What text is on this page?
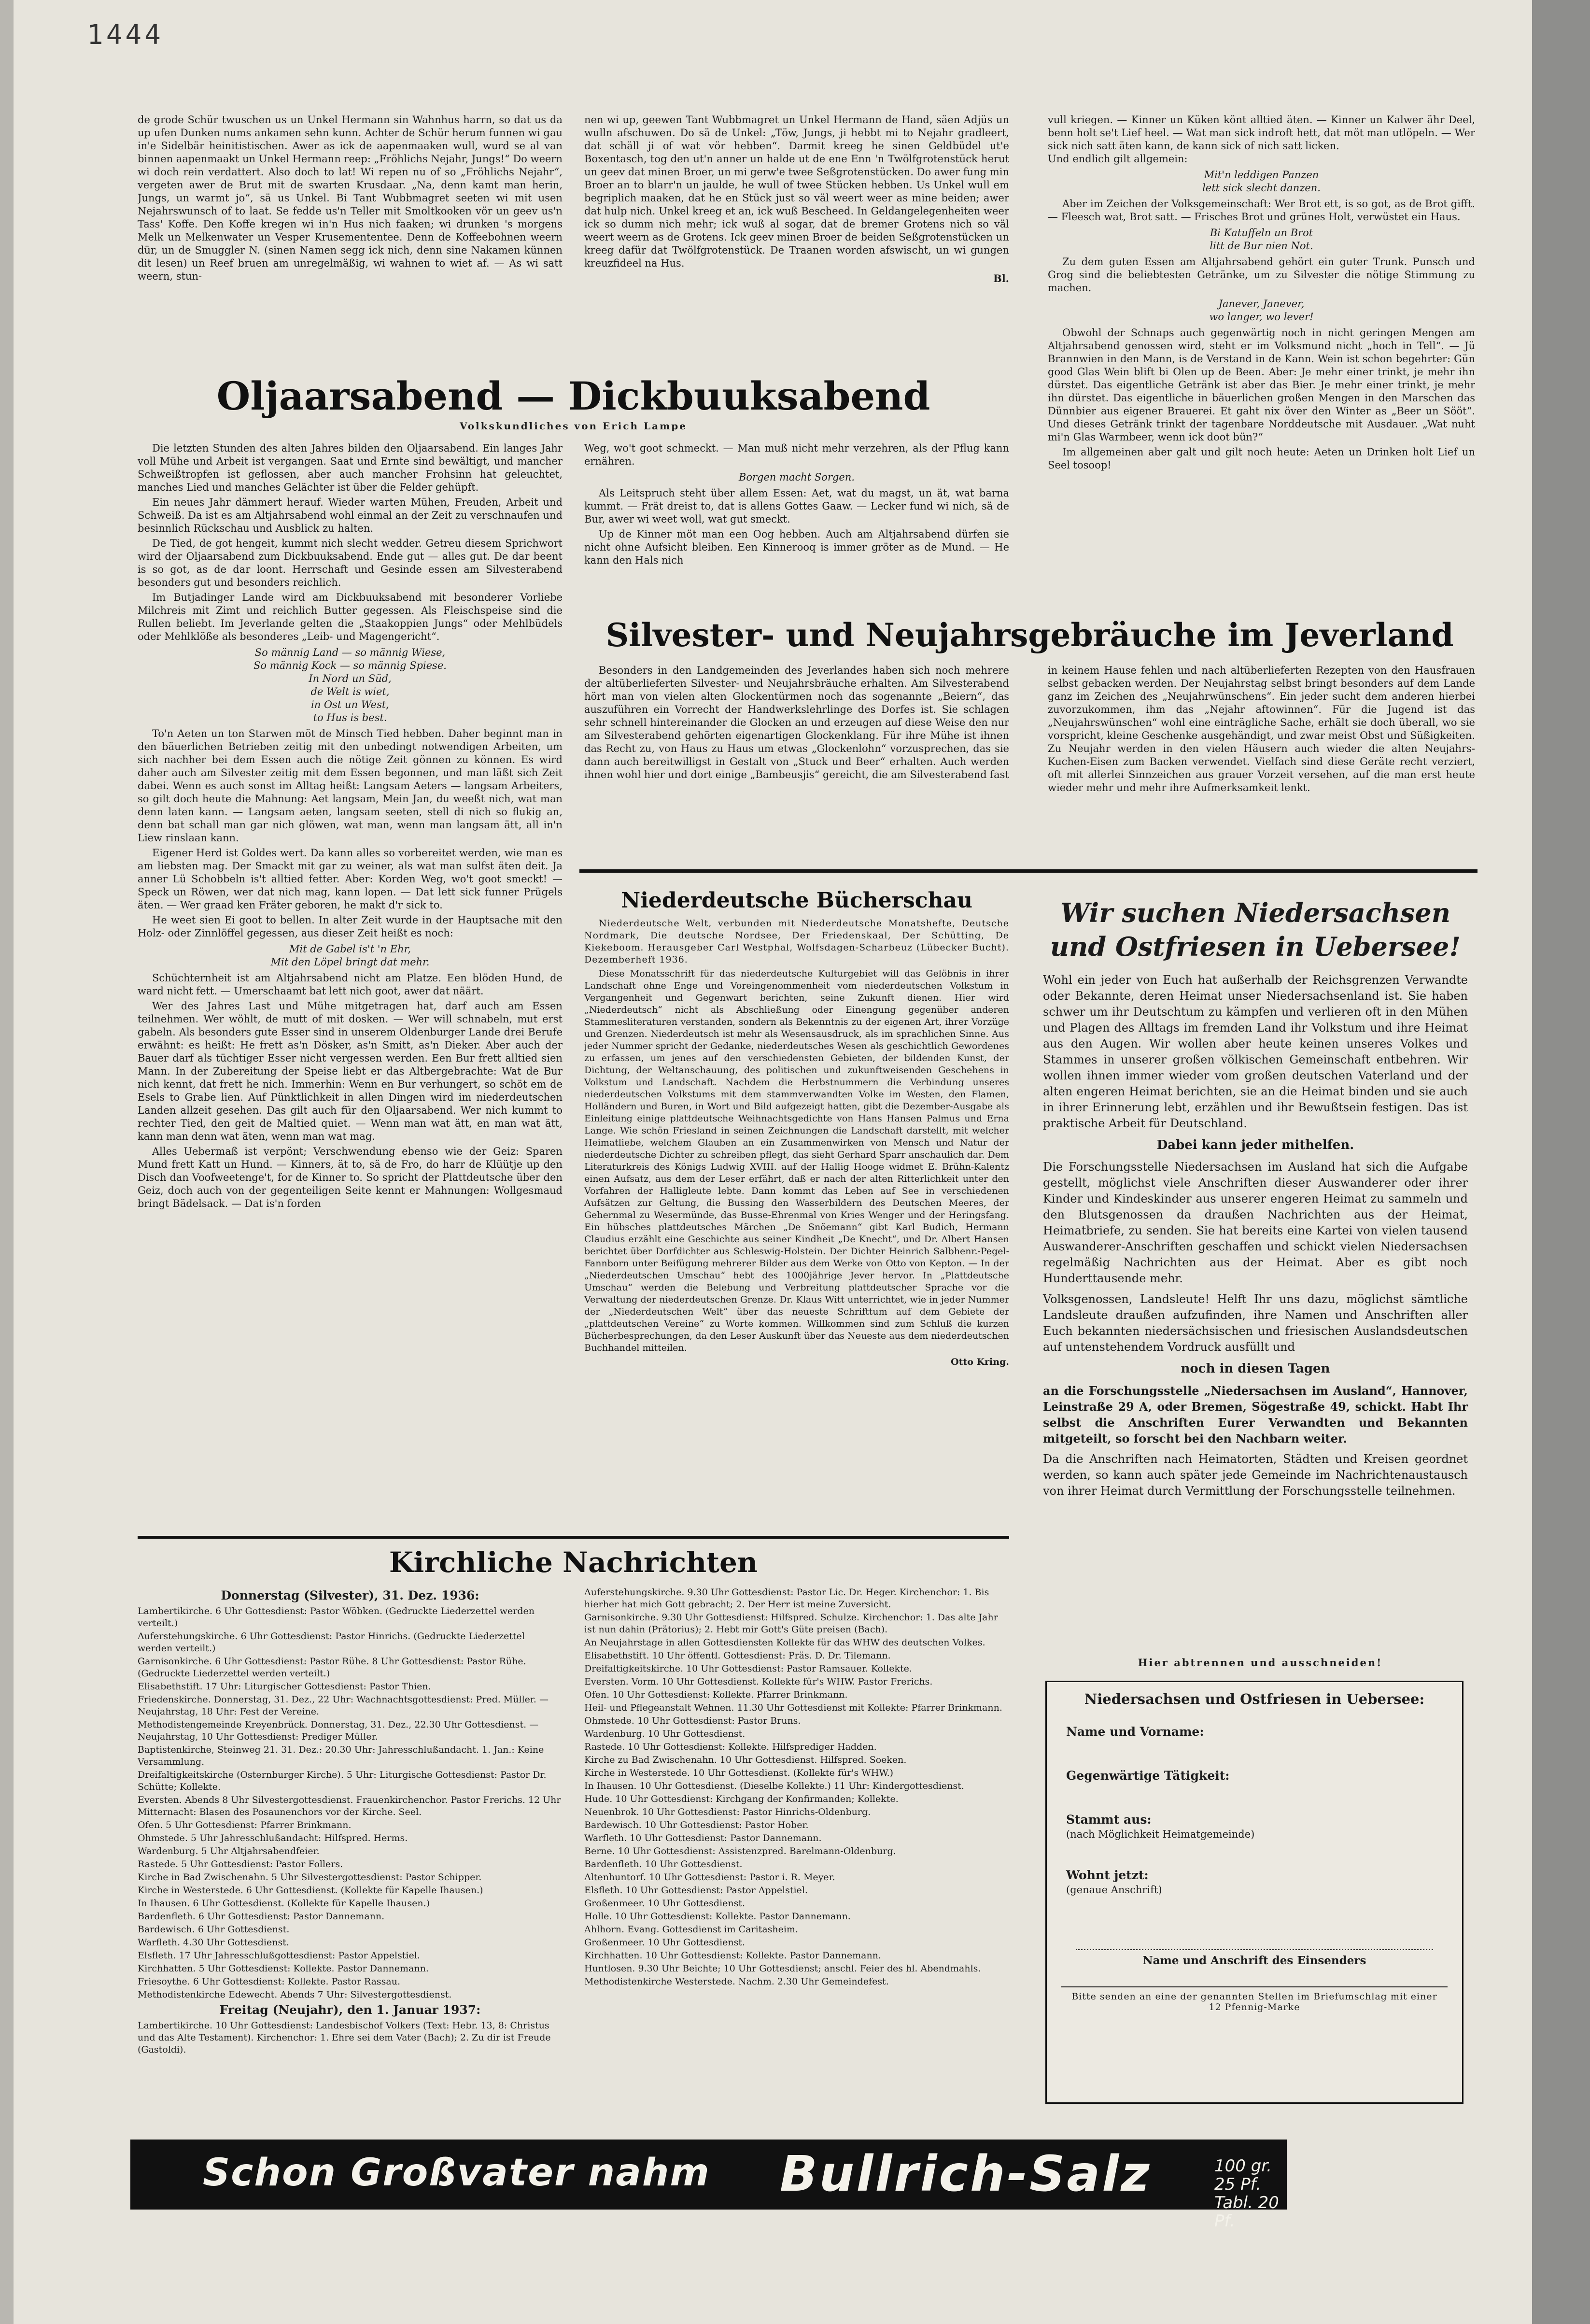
1444

de grode Schür twuschen us un Unkel Hermann sin Wahnhus harrn, so dat us da up ufen Dunken nums ankamen sehn kunn. Achter de Schür herum funnen wi gau in'e Sidelbär heinitistischen. Awer as ick de aapenmaaken wull, wurd se al van binnen aapenmaakt un Unkel Hermann reep: „Fröhlichs Nejahr, Jungs!“ Do weern wi doch rein verdattert. Also doch to lat! Wi repen nu of so „Fröhlichs Nejahr“, vergeten awer de Brut mit de swarten Krusdaar. „Na, denn kamt man herin, Jungs, un warmt jo“, sä us Unkel. Bi Tant Wubbmagret seeten wi mit usen Nejahrswunsch of to laat. Se fedde us'n Teller mit Smoltkooken vör un geev us'n Tass' Koffe. Den Koffe kregen wi in'n Hus nich faaken; wi drunken 's morgens Melk un Melkenwater un Vesper Krusemententee. Denn de Koffeebohnen weern dür, un de Smuggler N. (sinen Namen segg ick nich, denn sine Nakamen künnen dit lesen) un Reef bruen am unregelmäßig, wi wahnen to wiet af. — As wi satt weern, stun-

nen wi up, geewen Tant Wubbmagret un Unkel Hermann de Hand, säen Adjüs un wulln afschuwen. Do sä de Unkel: „Töw, Jungs, ji hebbt mi to Nejahr gradleert, dat schäll ji of wat vör hebben“. Darmit kreeg he sinen Geldbüdel ut'e Boxentasch, tog den ut'n anner un halde ut de ene Enn 'n Twölfgrotenstück herut un geev dat minen Broer, un mi gerw'e twee Seßgrotenstücken. Do awer fung min Broer an to blarr'n un jaulde, he wull of twee Stücken hebben. Us Unkel wull em begriplich maaken, dat he en Stück just so väl weert weer as mine beiden; awer dat hulp nich. Unkel kreeg et an, ick wuß Bescheed. In Geldangelegenheiten weer ick so dumm nich mehr; ick wuß al sogar, dat de bremer Grotens nich so väl weert weern as de Grotens. Ick geev minen Broer de beiden Seßgrotenstücken un kreeg dafür dat Twölfgrotenstück. De Traanen worden afswischt, un wi gungen kreuzfideel na Hus.

Bl.

vull kriegen. — Kinner un Küken könt alltied äten. — Kinner un Kalwer ähr Deel, benn holt se't Lief heel. — Wat man sick indroft hett, dat möt man utlöpeln. — Wer sick nich satt äten kann, de kann sick of nich satt licken.
Und endlich gilt allgemein:

Mit'n leddigen Panzen
lett sick slecht danzen.

Aber im Zeichen der Volksgemeinschaft: Wer Brot ett, is so got, as de Brot gifft. — Fleesch wat, Brot satt. — Frisches Brot und grünes Holt, verwüstet ein Haus.

Bi Katuffeln un Brot
litt de Bur nien Not.

Zu dem guten Essen am Altjahrsabend gehört ein guter Trunk. Punsch und Grog sind die beliebtesten Getränke, um zu Silvester die nötige Stimmung zu machen.

Janever, Janever,
wo langer, wo lever!

Obwohl der Schnaps auch gegenwärtig noch in nicht geringen Mengen am Altjahrsabend genossen wird, steht er im Volksmund nicht „hoch in Tell“. — Jü Brannwien in den Mann, is de Verstand in de Kann. Wein ist schon begehrter: Gün good Glas Wein blift bi Olen up de Been. Aber: Je mehr einer trinkt, je mehr ihn dürstet. Das eigentliche Getränk ist aber das Bier. Je mehr einer trinkt, je mehr ihn dürstet. Das eigentliche in bäuerlichen großen Mengen in den Marschen das Dünnbier aus eigener Brauerei. Et gaht nix över den Winter as „Beer un Sööt“. Und dieses Getränk trinkt der tagenbare Norddeutsche mit Ausdauer. „Wat nuht mi'n Glas Warmbeer, wenn ick doot bün?“

Im allgemeinen aber galt und gilt noch heute: Aeten un Drinken holt Lief un Seel tosoop!

Oljaarsabend — Dickbuuksabend
Volkskundliches von Erich Lampe

Die letzten Stunden des alten Jahres bilden den Oljaarsabend. Ein langes Jahr voll Mühe und Arbeit ist vergangen. Saat und Ernte sind bewältigt, und mancher Schweißtropfen ist geflossen, aber auch mancher Frohsinn hat geleuchtet, manches Lied und manches Gelächter ist über die Felder gehüpft.

Ein neues Jahr dämmert herauf. Wieder warten Mühen, Freuden, Arbeit und Schweiß. Da ist es am Altjahrsabend wohl einmal an der Zeit zu verschnaufen und besinnlich Rückschau und Ausblick zu halten.

De Tied, de got hengeit, kummt nich slecht wedder. Getreu diesem Sprichwort wird der Oljaarsabend zum Dickbuuksabend. Ende gut — alles gut. De dar beent is so got, as de dar loont. Herrschaft und Gesinde essen am Silvesterabend besonders gut und besonders reichlich.

Im Butjadinger Lande wird am Dickbuuksabend mit besonderer Vorliebe Milchreis mit Zimt und reichlich Butter gegessen. Als Fleischspeise sind die Rullen beliebt. Im Jeverlande gelten die „Staakoppien Jungs“ oder Mehlbüdels oder Mehlklöße als besonderes „Leib- und Magengericht“.

So männig Land — so männig Wiese,
So männig Kock — so männig Spiese.
In Nord un Süd,
de Welt is wiet,
in Ost un West,
to Hus is best.

To'n Aeten un ton Starwen möt de Minsch Tied hebben. Daher beginnt man in den bäuerlichen Betrieben zeitig mit den unbedingt notwendigen Arbeiten, um sich nachher bei dem Essen auch die nötige Zeit gönnen zu können. Es wird daher auch am Silvester zeitig mit dem Essen begonnen, und man läßt sich Zeit dabei. Wenn es auch sonst im Alltag heißt: Langsam Aeters — langsam Arbeiters, so gilt doch heute die Mahnung: Aet langsam, Mein Jan, du weeßt nich, wat man denn laten kann. — Langsam aeten, langsam seeten, stell di nich so flukig an, denn bat schall man gar nich glöwen, wat man, wenn man langsam ätt, all in'n Liew rinslaan kann.

Eigener Herd ist Goldes wert. Da kann alles so vorbereitet werden, wie man es am liebsten mag. Der Smackt mit gar zu weiner, als wat man sulfst äten deit. Ja anner Lü Schobbeln is't alltied fetter. Aber: Korden Weg, wo't goot smeckt! — Speck un Röwen, wer dat nich mag, kann lopen. — Dat lett sick funner Prügels äten. — Wer graad ken Fräter geboren, he makt d'r sick to.

He weet sien Ei goot to bellen. In alter Zeit wurde in der Hauptsache mit den Holz- oder Zinnlöffel gegessen, aus dieser Zeit heißt es noch:

Mit de Gabel is't 'n Ehr,
Mit den Löpel bringt dat mehr.

Schüchternheit ist am Altjahrsabend nicht am Platze. Een blöden Hund, de ward nicht fett. — Umerschaamt bat lett nich goot, awer dat näärt.

Wer des Jahres Last und Mühe mitgetragen hat, darf auch am Essen teilnehmen. Wer wöhlt, de mutt of mit dosken. — Wer will schnabeln, mut erst gabeln. Als besonders gute Esser sind in unserem Oldenburger Lande drei Berufe erwähnt: es heißt: He frett as'n Dösker, as'n Smitt, as'n Dieker. Aber auch der Bauer darf als tüchtiger Esser nicht vergessen werden. Een Bur frett alltied sien Mann. In der Zubereitung der Speise liebt er das Altbergebrachte: Wat de Bur nich kennt, dat frett he nich. Immerhin: Wenn en Bur verhungert, so schöt em de Esels to Grabe lien. Auf Pünktlichkeit in allen Dingen wird im niederdeutschen Landen allzeit gesehen. Das gilt auch für den Oljaarsabend. Wer nich kummt to rechter Tied, den geit de Maltied quiet. — Wenn man wat ätt, en man wat ätt, kann man denn wat äten, wenn man wat mag.

Alles Uebermaß ist verpönt; Verschwendung ebenso wie der Geiz: Sparen Mund frett Katt un Hund. — Kinners, ät to, sä de Fro, do harr de Klüütje up den Disch dan Voofweetenge't, for de Kinner to. So spricht der Plattdeutsche über den Geiz, doch auch von der gegenteiligen Seite kennt er Mahnungen: Wollgesmaud bringt Bädelsack. — Dat is'n forden

Weg, wo't goot schmeckt. — Man muß nicht mehr verzehren, als der Pflug kann ernähren.

Borgen macht Sorgen.

Als Leitspruch steht über allem Essen: Aet, wat du magst, un ät, wat barna kummt. — Frät dreist to, dat is allens Gottes Gaaw. — Lecker fund wi nich, sä de Bur, awer wi weet woll, wat gut smeckt.

Up de Kinner möt man een Oog hebben. Auch am Altjahrsabend dürfen sie nicht ohne Aufsicht bleiben. Een Kinnerooq is immer gröter as de Mund. — He kann den Hals nich

Silvester- und Neujahrsgebräuche im Jeverland

Besonders in den Landgemeinden des Jeverlandes haben sich noch mehrere der altüberlieferten Silvester- und Neujahrsbräuche erhalten. Am Silvesterabend hört man von vielen alten Glockentürmen noch das sogenannte „Beiern“, das auszuführen ein Vorrecht der Handwerkslehrlinge des Dorfes ist. Sie schlagen sehr schnell hintereinander die Glocken an und erzeugen auf diese Weise den nur am Silvesterabend gehörten eigenartigen Glockenklang. Für ihre Mühe ist ihnen das Recht zu, von Haus zu Haus um etwas „Glockenlohn“ vorzusprechen, das sie dann auch bereitwilligst in Gestalt von „Stuck und Beer“ erhalten. Auch werden ihnen wohl hier und dort einige „Bambeusjis“ gereicht, die am Silvesterabend fast

in keinem Hause fehlen und nach altüberlieferten Rezepten von den Hausfrauen selbst gebacken werden. Der Neujahrstag selbst bringt besonders auf dem Lande ganz im Zeichen des „Neujahrwünschens“. Ein jeder sucht dem anderen hierbei zuvorzukommen, ihm das „Nejahr aftowinnen“. Für die Jugend ist das „Neujahrswünschen“ wohl eine einträgliche Sache, erhält sie doch überall, wo sie vorspricht, kleine Geschenke ausgehändigt, und zwar meist Obst und Süßigkeiten. Zu Neujahr werden in den vielen Häusern auch wieder die alten Neujahrs-Kuchen-Eisen zum Backen verwendet. Vielfach sind diese Geräte recht verziert, oft mit allerlei Sinnzeichen aus grauer Vorzeit versehen, auf die man erst heute wieder mehr und mehr ihre Aufmerksamkeit lenkt.

Niederdeutsche Bücherschau

Niederdeutsche Welt, verbunden mit Niederdeutsche Monatshefte, Deutsche Nordmark, Die deutsche Nordsee, Der Friedenskaal, Der Schütting, De Kiekeboom. Herausgeber Carl Westphal, Wolfsdagen-Scharbeuz (Lübecker Bucht). Dezemberheft 1936.

Diese Monatsschrift für das niederdeutsche Kulturgebiet will das Gelöbnis in ihrer Landschaft ohne Enge und Voreingenommenheit vom niederdeutschen Volkstum in Vergangenheit und Gegenwart berichten, seine Zukunft dienen. Hier wird „Niederdeutsch“ nicht als Abschließung oder Einengung gegenüber anderen Stammesliteraturen verstanden, sondern als Bekenntnis zu der eigenen Art, ihrer Vorzüge und Grenzen. Niederdeutsch ist mehr als Wesensausdruck, als im sprachlichen Sinne. Aus jeder Nummer spricht der Gedanke, niederdeutsches Wesen als geschichtlich Gewordenes zu erfassen, um jenes auf den verschiedensten Gebieten, der bildenden Kunst, der Dichtung, der Weltanschauung, des politischen und zukunftweisenden Geschehens in Volkstum und Landschaft. Nachdem die Herbstnummern die Verbindung unseres niederdeutschen Volkstums mit dem stammverwandten Volke im Westen, den Flamen, Holländern und Buren, in Wort und Bild aufgezeigt hatten, gibt die Dezember-Ausgabe als Einleitung einige plattdeutsche Weihnachtsgedichte von Hans Hansen Palmus und Erna Lange. Wie schön Friesland in seinen Zeichnungen die Landschaft darstellt, mit welcher Heimatliebe, welchem Glauben an ein Zusammenwirken von Mensch und Natur der niederdeutsche Dichter zu schreiben pflegt, das sieht Gerhard Sparr anschaulich dar. Dem Literaturkreis des Königs Ludwig XVIII. auf der Hallig Hooge widmet E. Brühn-Kalentz einen Aufsatz, aus dem der Leser erfährt, daß er nach der alten Ritterlichkeit unter den Vorfahren der Halligleute lebte. Dann kommt das Leben auf See in verschiedenen Aufsätzen zur Geltung, die Bussing den Wasserbildern des Deutschen Meeres, der Gehernmal zu Wesermünde, das Busse-Ehrenmal von Kries Wenger und der Heringsfang. Ein hübsches plattdeutsches Märchen „De Snöemann“ gibt Karl Budich, Hermann Claudius erzählt eine Geschichte aus seiner Kindheit „De Knecht“, und Dr. Albert Hansen berichtet über Dorfdichter aus Schleswig-Holstein. Der Dichter Heinrich Salbhenr.-Pegel-Fannborn unter Beifügung mehrerer Bilder aus dem Werke von Otto von Kepton. — In der „Niederdeutschen Umschau“ hebt des 1000jährige Jever hervor. In „Plattdeutsche Umschau“ werden die Belebung und Verbreitung plattdeutscher Sprache vor die Verwaltung der niederdeutschen Grenze. Dr. Klaus Witt unterrichtet, wie in jeder Nummer der „Niederdeutschen Welt“ über das neueste Schrifttum auf dem Gebiete der „plattdeutschen Vereine“ zu Worte kommen. Willkommen sind zum Schluß die kurzen Bücherbesprechungen, da den Leser Auskunft über das Neueste aus dem niederdeutschen Buchhandel mitteilen.

Otto Kring.
Wir suchen Niedersachsen
und Ostfriesen in Uebersee!

Wohl ein jeder von Euch hat außerhalb der Reichsgrenzen Verwandte oder Bekannte, deren Heimat unser Niedersachsenland ist. Sie haben schwer um ihr Deutschtum zu kämpfen und verlieren oft in den Mühen und Plagen des Alltags im fremden Land ihr Volkstum und ihre Heimat aus den Augen. Wir wollen aber heute keinen unseres Volkes und Stammes in unserer großen völkischen Gemeinschaft entbehren. Wir wollen ihnen immer wieder vom großen deutschen Vaterland und der alten engeren Heimat berichten, sie an die Heimat binden und sie auch in ihrer Erinnerung lebt, erzählen und ihr Bewußtsein festigen. Das ist praktische Arbeit für Deutschland.

Dabei kann jeder mithelfen.

Die Forschungsstelle Niedersachsen im Ausland hat sich die Aufgabe gestellt, möglichst viele Anschriften dieser Auswanderer oder ihrer Kinder und Kindeskinder aus unserer engeren Heimat zu sammeln und den Blutsgenossen da draußen Nachrichten aus der Heimat, Heimatbriefe, zu senden. Sie hat bereits eine Kartei von vielen tausend Auswanderer-Anschriften geschaffen und schickt vielen Niedersachsen regelmäßig Nachrichten aus der Heimat. Aber es gibt noch Hunderttausende mehr.

Volksgenossen, Landsleute! Helft Ihr uns dazu, möglichst sämtliche Landsleute draußen aufzufinden, ihre Namen und Anschriften aller Euch bekannten niedersächsischen und friesischen Auslandsdeutschen auf untenstehendem Vordruck ausfüllt und

noch in diesen Tagen

an die Forschungsstelle „Niedersachsen im Ausland“, Hannover, Leinstraße 29 A, oder Bremen, Sögestraße 49, schickt. Habt Ihr selbst die Anschriften Eurer Verwandten und Bekannten mitgeteilt, so forscht bei den Nachbarn weiter.

Da die Anschriften nach Heimatorten, Städten und Kreisen geordnet werden, so kann auch später jede Gemeinde im Nachrichtenaustausch von ihrer Heimat durch Vermittlung der Forschungsstelle teilnehmen.

Hier abtrennen und ausschneiden!
Niedersachsen und Ostfriesen in Uebersee:
Name und Vorname:
Gegenwärtige Tätigkeit:
Stammt aus:
(nach Möglichkeit Heimatgemeinde)
Wohnt jetzt:
(genaue Anschrift)
Name und Anschrift des Einsenders
Bitte senden an eine der genannten Stellen im Briefumschlag mit einer 12 Pfennig-Marke
Kirchliche Nachrichten
Donnerstag (Silvester), 31. Dez. 1936:
Lambertikirche. 6 Uhr Gottesdienst: Pastor Wöbken. (Gedruckte Liederzettel werden verteilt.)
Auferstehungskirche. 6 Uhr Gottesdienst: Pastor Hinrichs. (Gedruckte Liederzettel werden verteilt.)
Garnisonkirche. 6 Uhr Gottesdienst: Pastor Rühe. 8 Uhr Gottesdienst: Pastor Rühe. (Gedruckte Liederzettel werden verteilt.)
Elisabethstift. 17 Uhr: Liturgischer Gottesdienst: Pastor Thien.
Friedenskirche. Donnerstag, 31. Dez., 22 Uhr: Wachnachtsgottesdienst: Pred. Müller. — Neujahrstag, 18 Uhr: Fest der Vereine.
Methodistengemeinde Kreyenbrück. Donnerstag, 31. Dez., 22.30 Uhr Gottesdienst. — Neujahrstag, 10 Uhr Gottesdienst: Prediger Müller.
Baptistenkirche, Steinweg 21. 31. Dez.: 20.30 Uhr: Jahresschlußandacht. 1. Jan.: Keine Versammlung.
Dreifaltigkeitskirche (Osternburger Kirche). 5 Uhr: Liturgische Gottesdienst: Pastor Dr. Schütte; Kollekte.
Eversten. Abends 8 Uhr Silvestergottesdienst. Frauenkirchenchor. Pastor Frerichs. 12 Uhr Mitternacht: Blasen des Posaunenchors vor der Kirche. Seel.
Ofen. 5 Uhr Gottesdienst: Pfarrer Brinkmann.
Ohmstede. 5 Uhr Jahresschlußandacht: Hilfspred. Herms.
Wardenburg. 5 Uhr Altjahrsabendfeier.
Rastede. 5 Uhr Gottesdienst: Pastor Follers.
Kirche in Bad Zwischenahn. 5 Uhr Silvestergottesdienst: Pastor Schipper.
Kirche in Westerstede. 6 Uhr Gottesdienst. (Kollekte für Kapelle Ihausen.)
In Ihausen. 6 Uhr Gottesdienst. (Kollekte für Kapelle Ihausen.)
Bardenfleth. 6 Uhr Gottesdienst: Pastor Dannemann.
Bardewisch. 6 Uhr Gottesdienst.
Warfleth. 4.30 Uhr Gottesdienst.
Elsfleth. 17 Uhr Jahresschlußgottesdienst: Pastor Appelstiel.
Kirchhatten. 5 Uhr Gottesdienst: Kollekte. Pastor Dannemann.
Friesoythe. 6 Uhr Gottesdienst: Kollekte. Pastor Rassau.
Methodistenkirche Edewecht. Abends 7 Uhr: Silvestergottesdienst.
Freitag (Neujahr), den 1. Januar 1937:
Lambertikirche. 10 Uhr Gottesdienst: Landesbischof Volkers (Text: Hebr. 13, 8: Christus und das Alte Testament). Kirchenchor: 1. Ehre sei dem Vater (Bach); 2. Zu dir ist Freude (Gastoldi).
Auferstehungskirche. 9.30 Uhr Gottesdienst: Pastor Lic. Dr. Heger. Kirchenchor: 1. Bis hierher hat mich Gott gebracht; 2. Der Herr ist meine Zuversicht.
Garnisonkirche. 9.30 Uhr Gottesdienst: Hilfspred. Schulze. Kirchenchor: 1. Das alte Jahr ist nun dahin (Prätorius); 2. Hebt mir Gott's Güte preisen (Bach).
An Neujahrstage in allen Gottesdiensten Kollekte für das WHW des deutschen Volkes.
Elisabethstift. 10 Uhr öffentl. Gottesdienst: Präs. D. Dr. Tilemann.
Dreifaltigkeitskirche. 10 Uhr Gottesdienst: Pastor Ramsauer. Kollekte.
Eversten. Vorm. 10 Uhr Gottesdienst. Kollekte für's WHW. Pastor Frerichs.
Ofen. 10 Uhr Gottesdienst: Kollekte. Pfarrer Brinkmann.
Heil- und Pflegeanstalt Wehnen. 11.30 Uhr Gottesdienst mit Kollekte: Pfarrer Brinkmann.
Ohmstede. 10 Uhr Gottesdienst: Pastor Bruns.
Wardenburg. 10 Uhr Gottesdienst.
Rastede. 10 Uhr Gottesdienst: Kollekte. Hilfsprediger Hadden.
Kirche zu Bad Zwischenahn. 10 Uhr Gottesdienst. Hilfspred. Soeken.
Kirche in Westerstede. 10 Uhr Gottesdienst. (Kollekte für's WHW.)
In Ihausen. 10 Uhr Gottesdienst. (Dieselbe Kollekte.) 11 Uhr: Kindergottesdienst.
Hude. 10 Uhr Gottesdienst: Kirchgang der Konfirmanden; Kollekte.
Neuenbrok. 10 Uhr Gottesdienst: Pastor Hinrichs-Oldenburg.
Bardewisch. 10 Uhr Gottesdienst: Pastor Hober.
Warfleth. 10 Uhr Gottesdienst: Pastor Dannemann.
Berne. 10 Uhr Gottesdienst: Assistenzpred. Barelmann-Oldenburg.
Bardenfleth. 10 Uhr Gottesdienst.
Altenhuntorf. 10 Uhr Gottesdienst: Pastor i. R. Meyer.
Elsfleth. 10 Uhr Gottesdienst: Pastor Appelstiel.
Großenmeer. 10 Uhr Gottesdienst.
Holle. 10 Uhr Gottesdienst: Kollekte. Pastor Dannemann.
Ahlhorn. Evang. Gottesdienst im Caritasheim.
Großenmeer. 10 Uhr Gottesdienst.
Kirchhatten. 10 Uhr Gottesdienst: Kollekte. Pastor Dannemann.
Huntlosen. 9.30 Uhr Beichte; 10 Uhr Gottesdienst; anschl. Feier des hl. Abendmahls.
Methodistenkirche Westerstede. Nachm. 2.30 Uhr Gemeindefest.
Schon Großvater nahm Bullrich-Salz	100 gr. 25 Pf.
Tabl. 20 Pf.
